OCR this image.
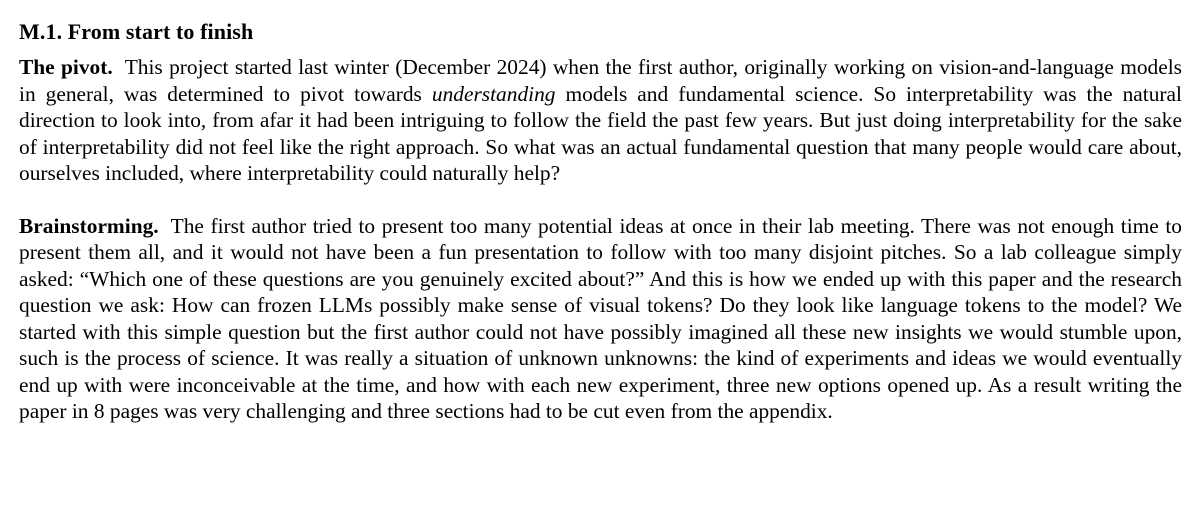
M.1. From start to finish

The pivot. This project started last winter (December 2024) when the first author, originally working on vision-and-language models in general, was determined to pivot towards understanding models and fundamental science. So interpretability was the natural direction to look into, from afar it had been intriguing to follow the field the past few years. But just doing interpretability for the sake of interpretability did not feel like the right approach. So what was an actual fundamental question that many people would care about, ourselves included, where interpretability could naturally help?

Brainstorming. The first author tried to present too many potential ideas at once in their lab meeting. There was not enough time to present them all, and it would not have been a fun presentation to follow with too many disjoint pitches. So a lab colleague simply asked: “Which one of these questions are you genuinely excited about?” And this is how we ended up with this paper and the research question we ask: How can frozen LLMs possibly make sense of visual tokens? Do they look like language tokens to the model? We started with this simple question but the first author could not have possibly imagined all these new insights we would stumble upon, such is the process of science. It was really a situation of unknown unknowns: the kind of experiments and ideas we would eventually end up with were inconceivable at the time, and how with each new experiment, three new options opened up. As a result writing the paper in 8 pages was very challenging and three sections had to be cut even from the appendix.
